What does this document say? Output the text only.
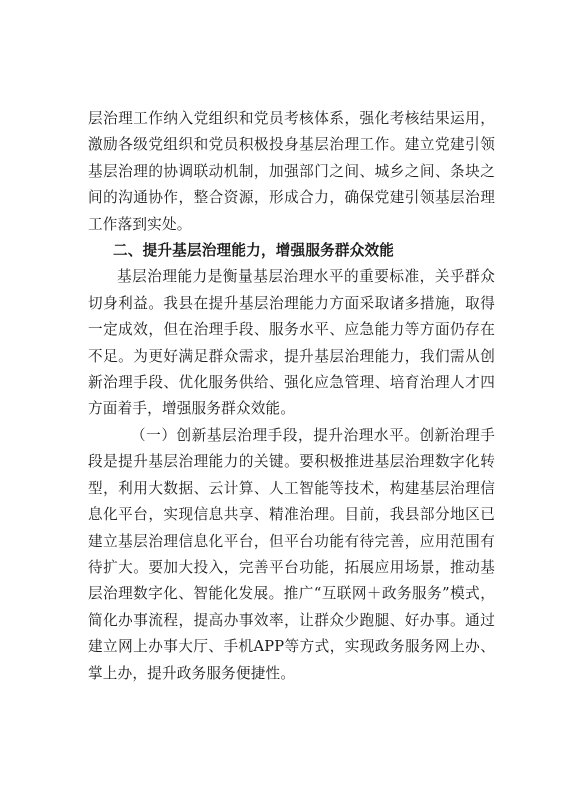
层治理工作纳入党组织和党员考核体系，强化考核结果运用，激励各级党组织和党员积极投身基层治理工作。建立党建引领基层治理的协调联动机制，加强部门之间、城乡之间、条块之间的沟通协作，整合资源，形成合力，确保党建引领基层治理工作落到实处。

二、提升基层治理能力，增强服务群众效能

基层治理能力是衡量基层治理水平的重要标准，关乎群众切身利益。我县在提升基层治理能力方面采取诸多措施，取得一定成效，但在治理手段、服务水平、应急能力等方面仍存在不足。为更好满足群众需求，提升基层治理能力，我们需从创新治理手段、优化服务供给、强化应急管理、培育治理人才四方面着手，增强服务群众效能。

（一）创新基层治理手段，提升治理水平。创新治理手段是提升基层治理能力的关键。要积极推进基层治理数字化转型，利用大数据、云计算、人工智能等技术，构建基层治理信息化平台，实现信息共享、精准治理。目前，我县部分地区已建立基层治理信息化平台，但平台功能有待完善，应用范围有待扩大。要加大投入，完善平台功能，拓展应用场景，推动基层治理数字化、智能化发展。推广“互联网＋政务服务”模式，简化办事流程，提高办事效率，让群众少跑腿、好办事。通过建立网上办事大厅、手机APP等方式，实现政务服务网上办、掌上办，提升政务服务便捷性。
